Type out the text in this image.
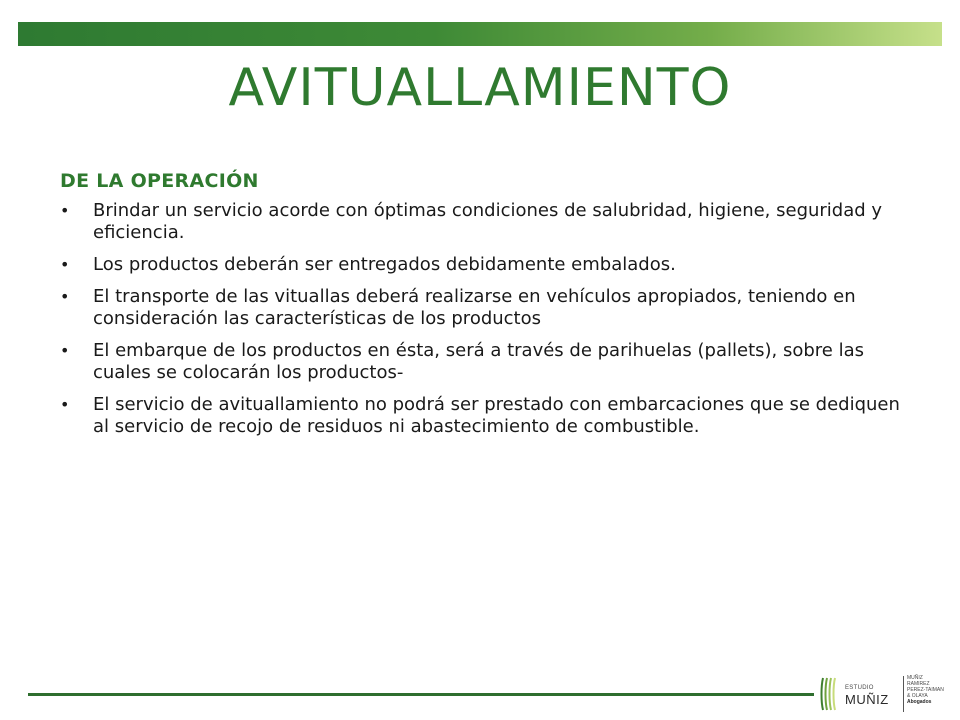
AVITUALLAMIENTO
DE LA OPERACIÓN
• Brindar un servicio acorde con óptimas condiciones de salubridad, higiene, seguridad y eficiencia.
• Los productos deberán ser entregados debidamente embalados.
• El transporte de las vituallas deberá realizarse en vehículos apropiados, teniendo en consideración las características de los productos
• El embarque de los productos en ésta, será a través de parihuelas (pallets), sobre las cuales se colocarán los productos-
• El servicio de avituallamiento no podrá ser prestado con embarcaciones que se dediquen al servicio de recojo de residuos ni abastecimiento de combustible.
ESTUDIO
MUÑIZ
MUÑIZ
RAMIREZ
PEREZ-TAIMAN
& OLAYA
Abogados
